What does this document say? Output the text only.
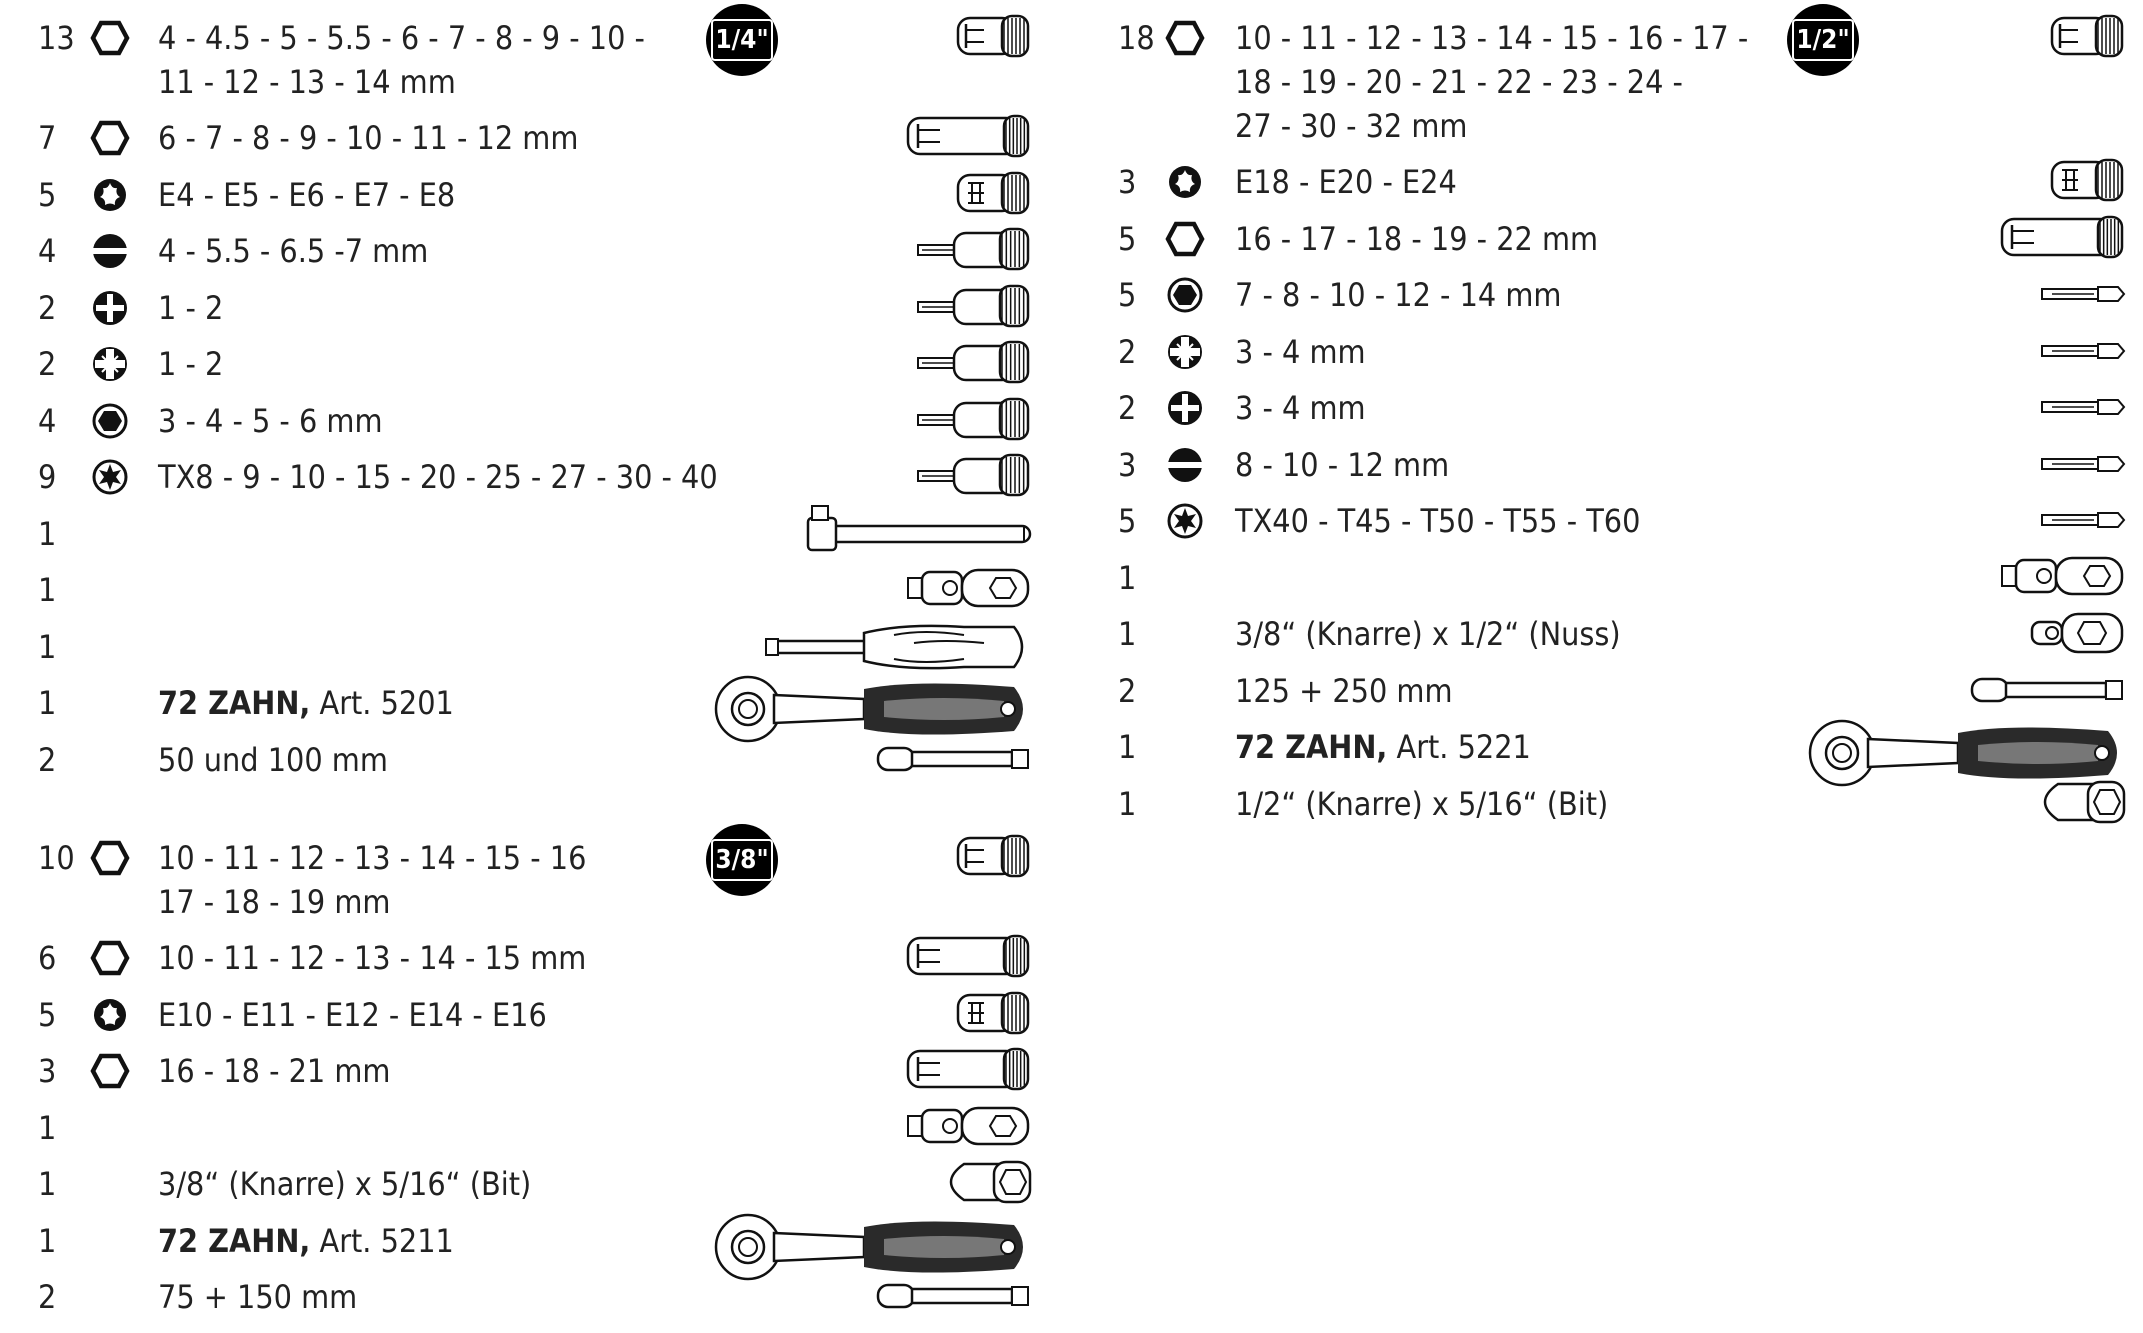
13	4 - 4.5 - 5 - 5.5 - 6 - 7 - 8 - 9 - 10 -
11 - 12 - 13 - 14 mm
7	6 - 7 - 8 - 9 - 10 - 11 - 12 mm
5	E4 - E5 - E6 - E7 - E8
4	4 - 5.5 - 6.5 -7 mm
2	1 - 2
2	1 - 2
4	3 - 4 - 5 - 6 mm
9	TX8 - 9 - 10 - 15 - 20 - 25 - 27 - 30 - 40
1
1
1
1	72 ZAHN, Art. 5201
2	50 und 100 mm
10	10 - 11 - 12 - 13 - 14 - 15 - 16
17 - 18 - 19 mm
6	10 - 11 - 12 - 13 - 14 - 15 mm
5	E10 - E11 - E12 - E14 - E16
3	16 - 18 - 21 mm
1
1	3/8“ (Knarre) x 5/16“ (Bit)
1	72 ZAHN, Art. 5211
2	75 + 150 mm
18	10 - 11 - 12 - 13 - 14 - 15 - 16 - 17 -
18 - 19 - 20 - 21 - 22 - 23 - 24 -
27 - 30 - 32 mm
3	E18 - E20 - E24
5	16 - 17 - 18 - 19 - 22 mm
5	7 - 8 - 10 - 12 - 14 mm
2	3 - 4 mm
2	3 - 4 mm
3	8 - 10 - 12 mm
5	TX40 - T45 - T50 - T55 - T60
1
1	3/8“ (Knarre) x 1/2“ (Nuss)
2	125 + 250 mm
1	72 ZAHN, Art. 5221
1	1/2“ (Knarre) x 5/16“ (Bit)
1/4"
3/8"
1/2"
